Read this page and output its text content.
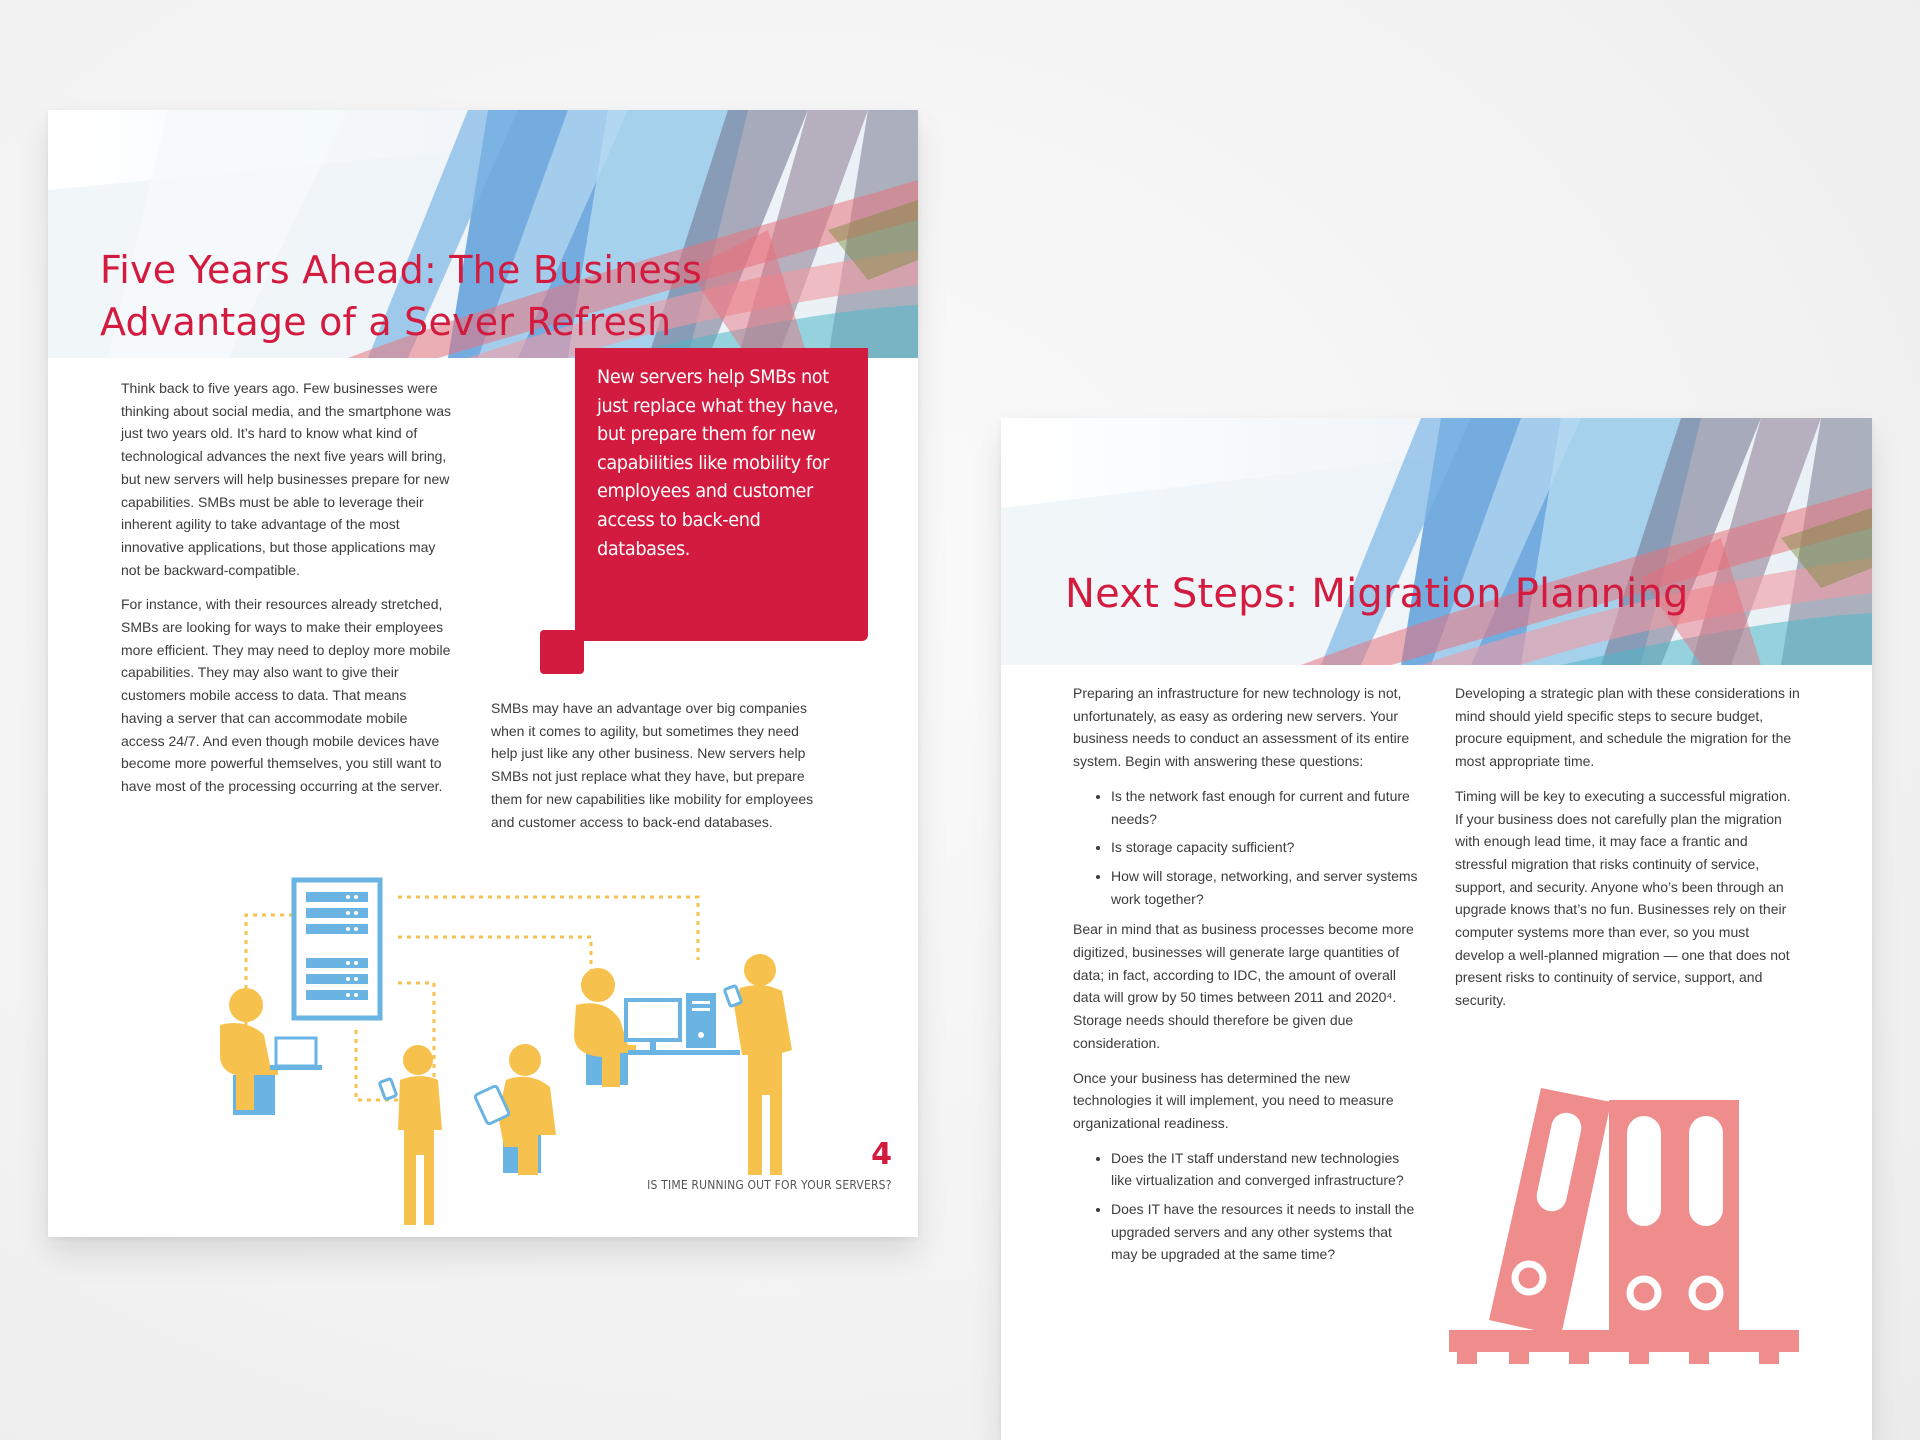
Five Years Ahead: The Business Advantage of a Sever Refresh

Think back to five years ago. Few businesses were thinking about social media, and the smartphone was just two years old. It’s hard to know what kind of technological advances the next five years will bring, but new servers will help businesses prepare for new capabilities. SMBs must be able to leverage their inherent agility to take advantage of the most innovative applications, but those applications may not be backward-compatible.

For instance, with their resources already stretched, SMBs are looking for ways to make their employees more efficient. They may need to deploy more mobile capabilities. They may also want to give their customers mobile access to data. That means having a server that can accommodate mobile access 24/7. And even though mobile devices have become more powerful themselves, you still want to have most of the processing occurring at the server.

New servers help SMBs not just replace what they have, but prepare them for new capabilities like mobility for employees and customer access to back-end databases.

SMBs may have an advantage over big companies when it comes to agility, but sometimes they need help just like any other business. New servers help SMBs not just replace what they have, but prepare them for new capabilities like mobility for employees and customer access to back-end databases.

4
IS TIME RUNNING OUT FOR YOUR SERVERS?
Next Steps: Migration Planning

Preparing an infrastructure for new technology is not, unfortunately, as easy as ordering new servers. Your business needs to conduct an assessment of its entire system. Begin with answering these questions:

• Is the network fast enough for current and future needs?
• Is storage capacity sufficient?
• How will storage, networking, and server systems work together?

Bear in mind that as business processes become more digitized, businesses will generate large quantities of data; in fact, according to IDC, the amount of overall data will grow by 50 times between 2011 and 2020⁴. Storage needs should therefore be given due consideration.

Once your business has determined the new technologies it will implement, you need to measure organizational readiness.

• Does the IT staff understand new technologies like virtualization and converged infrastructure?
• Does IT have the resources it needs to install the upgraded servers and any other systems that may be upgraded at the same time?

Developing a strategic plan with these considerations in mind should yield specific steps to secure budget, procure equipment, and schedule the migration for the most appropriate time.

Timing will be key to executing a successful migration. If your business does not carefully plan the migration with enough lead time, it may face a frantic and stressful migration that risks continuity of service, support, and security. Anyone who’s been through an upgrade knows that’s no fun. Businesses rely on their computer systems more than ever, so you must develop a well-planned migration — one that does not present risks to continuity of service, support, and security.
